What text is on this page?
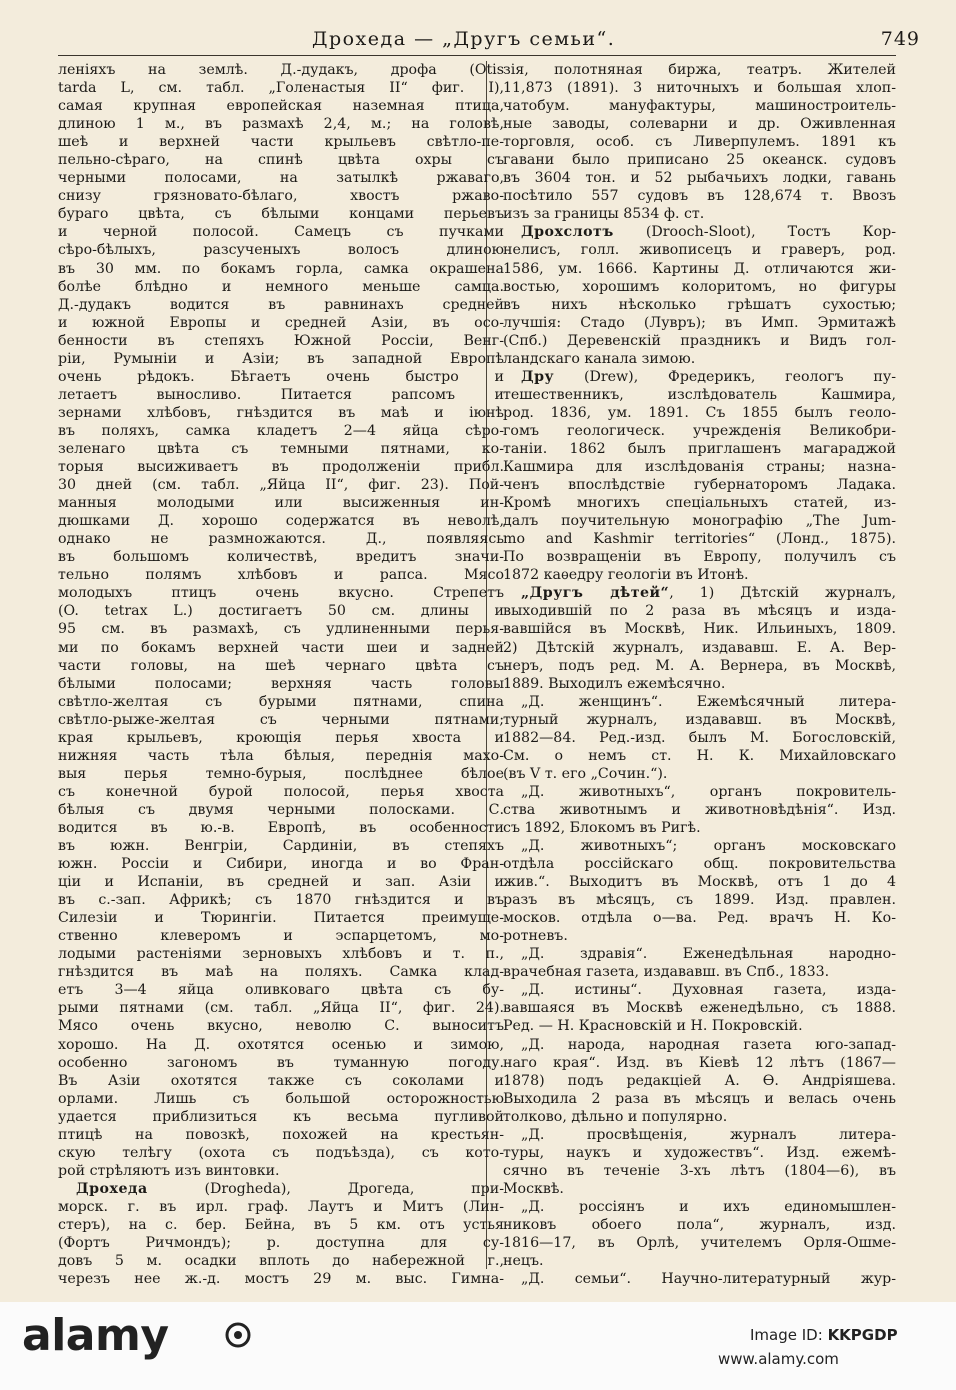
Дрохеда — „Другъ семьи“.	749
леніяхъ на землѣ. Д.-дудакъ, дрофа (Otis
tarda L, см. табл. „Голенастыя II“ фиг. I),
самая крупная европейская наземная птица,
длиною 1 м., въ размахѣ 2,4, м.; на головѣ,
шеѣ и верхней части крыльевъ свѣтло-пе-
пельно-сѣраго, на спинѣ цвѣта охры съ
черными полосами, на затылкѣ ржаваго,
снизу грязновато-бѣлаго, хвостъ ржаво-
бураго цвѣта, съ бѣлыми концами перьевъ
и черной полосой. Самецъ съ пучками
сѣро-бѣлыхъ, разсученыхъ волосъ длиною
въ 30 мм. по бокамъ горла, самка окрашена
болѣе блѣдно и немного меньше самца.
Д.-дудакъ водится въ равнинахъ средней
и южной Европы и средней Азіи, въ осо-
бенности въ степяхъ Южной Россіи, Венг-
ріи, Румыніи и Азіи; въ западной Европѣ
очень рѣдокъ. Бѣгаетъ очень быстро и
летаетъ выносливо. Питается рапсомъ и
зернами хлѣбовъ, гнѣздится въ маѣ и іюнѣ
въ поляхъ, самка кладетъ 2—4 яйца сѣро-
зеленаго цвѣта съ темными пятнами, ко-
торыя высиживаетъ въ продолженіи прибл.
30 дней (см. табл. „Яйца II“, фиг. 23). Пой-
манныя молодыми или высиженныя ин-
дюшками Д. хорошо содержатся въ неволѣ,
однако не размножаются. Д., появляясь
въ большомъ количествѣ, вредитъ значи-
тельно полямъ хлѣбовъ и рапса. Мясо
молодыхъ птицъ очень вкусно. Стрепетъ
(O. tetrax L.) достигаетъ 50 см. длины и
95 см. въ размахѣ, съ удлиненными перья-
ми по бокамъ верхней части шеи и задней
части головы, на шеѣ чернаго цвѣта съ
бѣлыми полосами; верхняя часть головы
свѣтло-желтая съ бурыми пятнами, спина
свѣтло-рыже-желтая съ черными пятнами;
края крыльевъ, кроющія перья хвоста и
нижняя часть тѣла бѣлыя, переднія махо-
выя перья темно-бурыя, послѣднее бѣлое
съ конечной бурой полосой, перья хвоста
бѣлыя съ двумя черными полосками. С.
водится въ ю.-в. Европѣ, въ особенности
въ южн. Венгріи, Сардиніи, въ степяхъ
южн. Россіи и Сибири, иногда и во Фран-
ціи и Испаніи, въ средней и зап. Азіи и
въ с.-зап. Африкѣ; съ 1870 гнѣздится и въ
Силезіи и Тюрингіи. Питается преимуще-
ственно клеверомъ и эспарцетомъ, мо-
лодыми растеніями зерновыхъ хлѣбовъ и т. п.,
гнѣздится въ маѣ на поляхъ. Самка клад-
етъ 3—4 яйца оливковаго цвѣта съ бу-
рыми пятнами (см. табл. „Яйца II“, фиг. 24).
Мясо очень вкусно, неволю С. выноситъ
хорошо. На Д. охотятся осенью и зимою,
особенно загономъ въ туманную погоду.
Въ Азіи охотятся также съ соколами и
орлами. Лишь съ большой осторожностью
удается приблизиться къ весьма пугливой
птицѣ на повозкѣ, похожей на крестьян-
скую телѣгу (охота съ подъѣзда), съ кото-
рой стрѣляютъ изъ винтовки.
Дрохеда (Drogheda), Дрогеда, при-
морск. г. въ ирл. граф. Лаутъ и Митъ (Лин-
стеръ), на с. бер. Бейна, въ 5 км. отъ устья
(Фортъ Ричмондъ); р. доступна для су-
довъ 5 м. осадки вплоть до набережной г.,
черезъ нее ж.-д. мостъ 29 м. выс. Гимна-
зія, полотняная биржа, театръ. Жителей
11,873 (1891). 3 ниточныхъ и большая хлоп-
чатобум. мануфактуры, машиностроитель-
ные заводы, солеварни и др. Оживленная
торговля, особ. съ Ливерпулемъ. 1891 къ
гавани было приписано 25 океанск. судовъ
въ 3604 тон. и 52 рыбачьихъ лодки, гавань
посѣтило 557 судовъ въ 128,674 т. Ввозъ
изъ за границы 8534 ф. ст.
Дрохслотъ (Drooch-Sloot), Тостъ Кор-
нелисъ, голл. живописецъ и граверъ, род.
1586, ум. 1666. Картины Д. отличаются жи-
востью, хорошимъ колоритомъ, но фигуры
въ нихъ нѣсколько грѣшатъ сухостью;
лучшія: Стадо (Лувръ); въ Имп. Эрмитажѣ
(Спб.) Деревенскій праздникъ и Видъ гол-
ландскаго канала зимою.
Дру (Drew), Фредерикъ, геологъ пу-
тешественникъ, изслѣдователь Кашмира,
род. 1836, ум. 1891. Съ 1855 былъ геоло-
гомъ геологическ. учрежденія Великобри-
таніи. 1862 былъ приглашенъ магараджой
Кашмира для изслѣдованія страны; назна-
ченъ впослѣдствіе губернаторомъ Ладака.
Кромѣ многихъ спеціальныхъ статей, из-
далъ поучительную монографію „The Jum-
mo and Kashmir territories“ (Лонд., 1875).
По возвращеніи въ Европу, получилъ съ
1872 каѳедру геологіи въ Итонѣ.
„Другъ дѣтей“, 1) Дѣтскій журналъ,
выходившій по 2 раза въ мѣсяцъ и изда-
вавшійся въ Москвѣ, Ник. Ильиныхъ, 1809.
2) Дѣтскій журналъ, издававш. Е. А. Вер-
неръ, подъ ред. М. А. Вернера, въ Москвѣ,
1889. Выходилъ ежемѣсячно.
„Д. женщинъ“. Ежемѣсячный литера-
турный журналъ, издававш. въ Москвѣ,
1882—84. Ред.-изд. былъ М. Богословскій,
См. о немъ ст. Н. К. Михайловскаго
(въ V т. его „Сочин.“).
„Д. животныхъ“, органъ покровитель-
ства животнымъ и животновѣдѣнія“. Изд.
съ 1892, Блокомъ въ Ригѣ.
„Д. животныхъ“; органъ московскаго
отдѣла россійскаго общ. покровительства
жив.“. Выходитъ въ Москвѣ, отъ 1 до 4
разъ въ мѣсяцъ, съ 1899. Изд. правлен.
москов. отдѣла о—ва. Ред. врачъ Н. Ко-
ротневъ.
„Д. здравія“. Еженедѣльная народно-
врачебная газета, издававш. въ Спб., 1833.
„Д. истины“. Духовная газета, изда-
вавшаяся въ Москвѣ еженедѣльно, съ 1888.
Ред. — Н. Красновскій и Н. Покровскій.
„Д. народа, народная газета юго-запад-
наго края“. Изд. въ Кіевѣ 12 лѣтъ (1867—
1878) подъ редакціей А. Ѳ. Андріяшева.
Выходила 2 раза въ мѣсяцъ и велась очень
толково, дѣльно и популярно.
„Д. просвѣщенія, журналъ литера-
туры, наукъ и художествъ“. Изд. ежемѣ-
сячно въ теченіе 3-хъ лѣтъ (1804—6), въ
Москвѣ.
„Д. россіянъ и ихъ единомышлен-
никовъ обоего пола“, журналъ, изд.
1816—17, въ Орлѣ, учителемъ Орля-Ошме-
нецъ.
„Д. семьи“. Научно-литературный жур-
alamy	Image ID: KKPGDP
www.alamy.com
